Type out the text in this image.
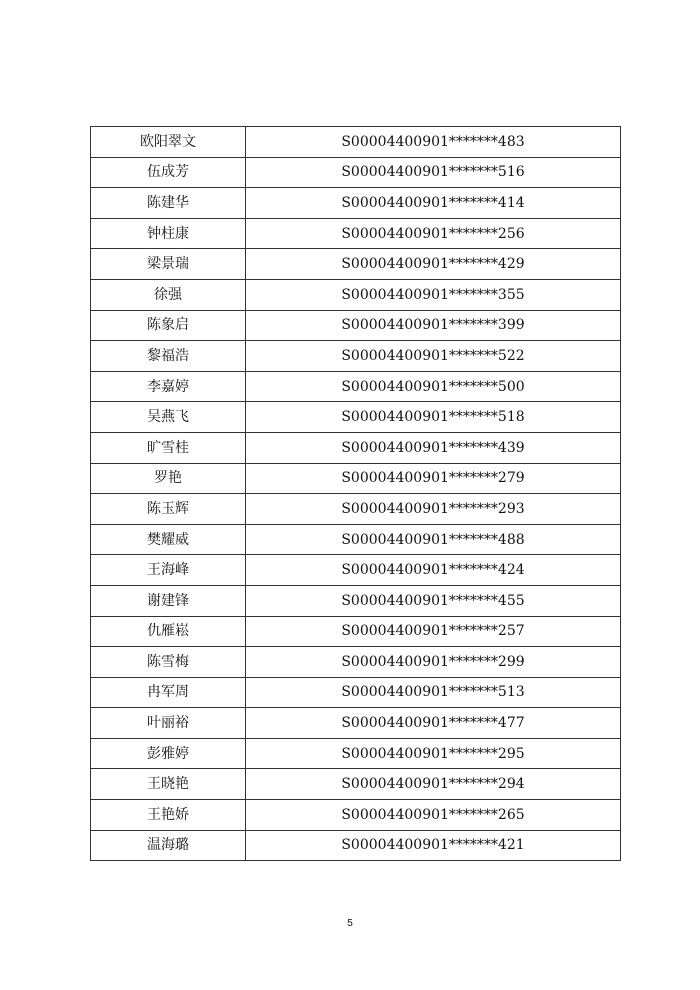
欧阳翠文	S00004400901*******483
伍成芳	S00004400901*******516
陈建华	S00004400901*******414
钟柱康	S00004400901*******256
梁景瑞	S00004400901*******429
徐强	S00004400901*******355
陈象启	S00004400901*******399
黎福浩	S00004400901*******522
李嘉婷	S00004400901*******500
吴燕飞	S00004400901*******518
旷雪桂	S00004400901*******439
罗艳	S00004400901*******279
陈玉辉	S00004400901*******293
樊耀威	S00004400901*******488
王海峰	S00004400901*******424
谢建锋	S00004400901*******455
仇雁崧	S00004400901*******257
陈雪梅	S00004400901*******299
冉军周	S00004400901*******513
叶丽裕	S00004400901*******477
彭雅婷	S00004400901*******295
王晓艳	S00004400901*******294
王艳娇	S00004400901*******265
温海璐	S00004400901*******421
5
